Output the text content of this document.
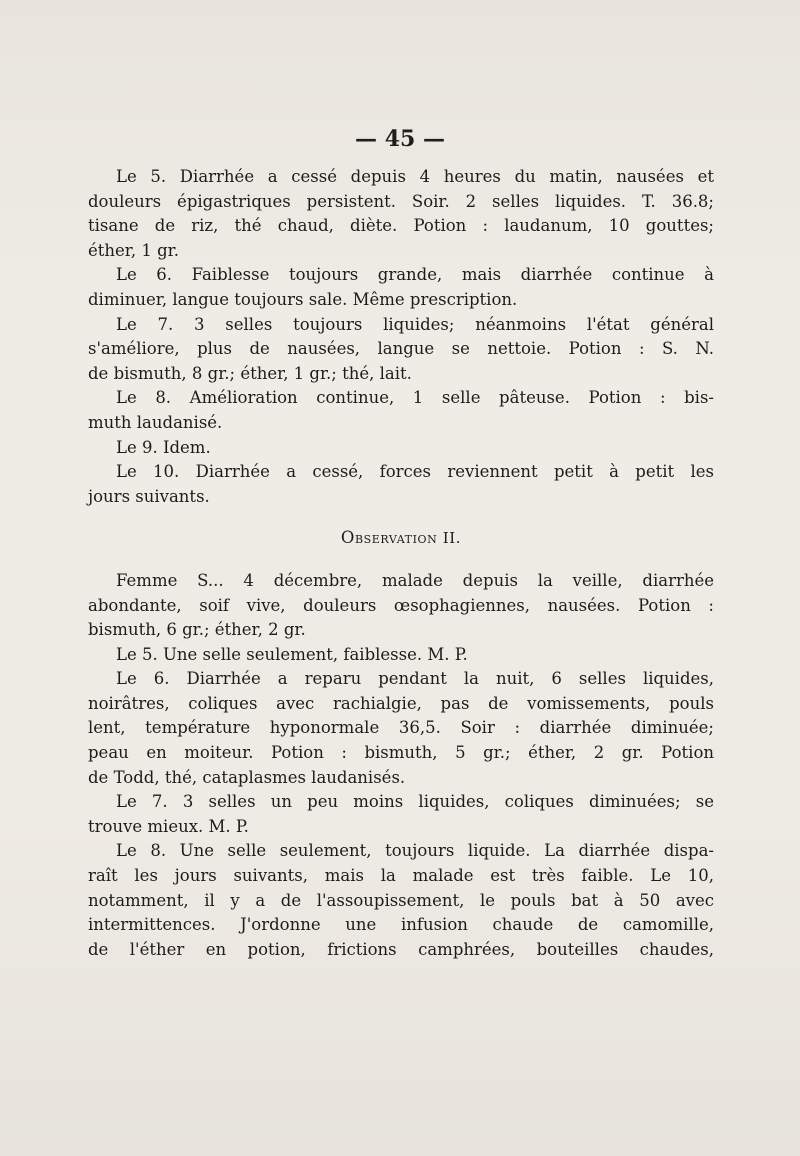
— 45 —
Le 5. Diarrhée a cessé depuis 4 heures du matin, nausées et
douleurs épigastriques persistent. Soir. 2 selles liquides. T. 36.8;
tisane de riz, thé chaud, diète. Potion : laudanum, 10 gouttes;
éther, 1 gr.
Le 6. Faiblesse toujours grande, mais diarrhée continue à
diminuer, langue toujours sale. Même prescription.
Le 7. 3 selles toujours liquides; néanmoins l'état général
s'améliore, plus de nausées, langue se nettoie. Potion : S. N.
de bismuth, 8 gr.; éther, 1 gr.; thé, lait.
Le 8. Amélioration continue, 1 selle pâteuse. Potion : bis-
muth laudanisé.
Le 9. Idem.
Le 10. Diarrhée a cessé, forces reviennent petit à petit les
jours suivants.
Observation II.
Femme S... 4 décembre, malade depuis la veille, diarrhée
abondante, soif vive, douleurs œsophagiennes, nausées. Potion :
bismuth, 6 gr.; éther, 2 gr.
Le 5. Une selle seulement, faiblesse. M. P.
Le 6. Diarrhée a reparu pendant la nuit, 6 selles liquides,
noirâtres, coliques avec rachialgie, pas de vomissements, pouls
lent, température hyponormale 36,5. Soir : diarrhée diminuée;
peau en moiteur. Potion : bismuth, 5 gr.; éther, 2 gr. Potion
de Todd, thé, cataplasmes laudanisés.
Le 7. 3 selles un peu moins liquides, coliques diminuées; se
trouve mieux. M. P.
Le 8. Une selle seulement, toujours liquide. La diarrhée dispa-
raît les jours suivants, mais la malade est très faible. Le 10,
notamment, il y a de l'assoupissement, le pouls bat à 50 avec
intermittences. J'ordonne une infusion chaude de camomille,
de l'éther en potion, frictions camphrées, bouteilles chaudes,
